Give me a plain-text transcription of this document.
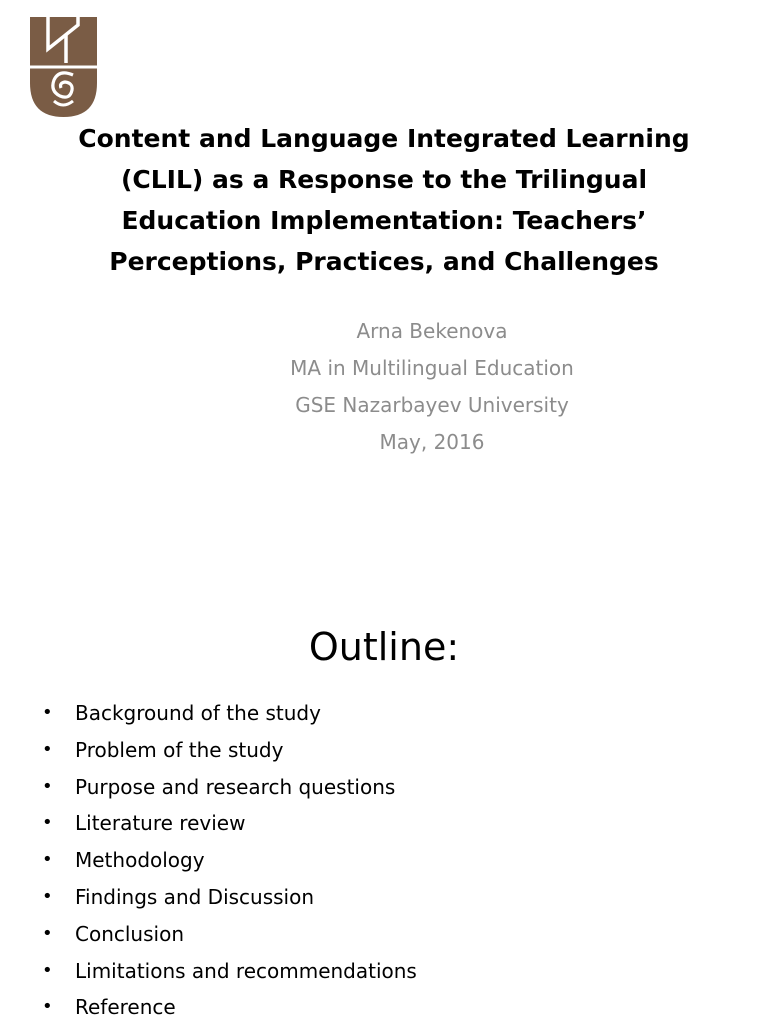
Content and Language Integrated Learning
(CLIL) as a Response to the Trilingual
Education Implementation: Teachers’
Perceptions, Practices, and Challenges
Arna Bekenova
MA in Multilingual Education
GSE Nazarbayev University
May, 2016
Outline:
• Background of the study
• Problem of the study
• Purpose and research questions
• Literature review
• Methodology
• Findings and Discussion
• Conclusion
• Limitations and recommendations
• Reference
